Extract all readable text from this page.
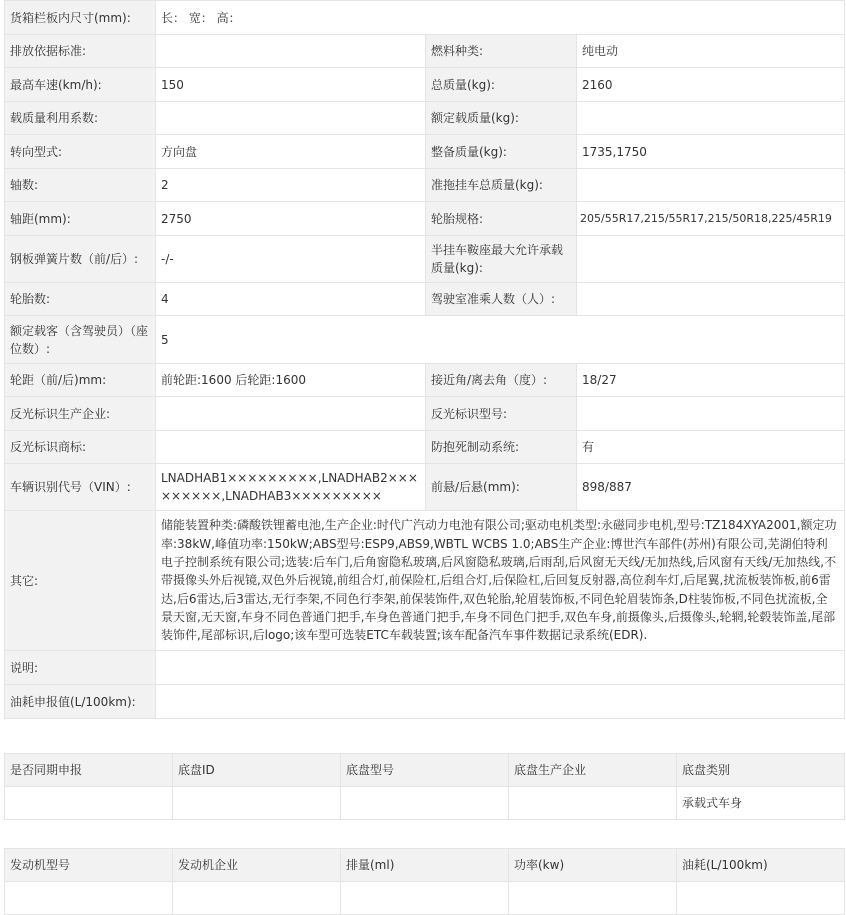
货箱栏板内尺寸(mm):	长： 宽： 高：		
排放依据标准:		燃料种类:	纯电动
最高车速(km/h):	150	总质量(kg):	2160
载质量利用系数:		额定载质量(kg):	
转向型式:	方向盘	整备质量(kg):	1735,1750
轴数:	2	准拖挂车总质量(kg):	
轴距(mm):	2750	轮胎规格:	205/55R17,215/55R17,215/50R18,225/45R19
钢板弹簧片数（前/后）:	-/-	半挂车鞍座最大允许承载质量(kg):	
轮胎数:	4	驾驶室准乘人数（人）:	
额定载客（含驾驶员）（座位数）:	5		
轮距（前/后)mm:	前轮距:1600 后轮距:1600	接近角/离去角（度）:	18/27
反光标识生产企业:		反光标识型号:	
反光标识商标:		防抱死制动系统:	有
车辆识别代号（VIN）:	LNADHAB1×××××××××,LNADHAB2×××××××××,LNADHAB3×××××××××	前悬/后悬(mm):	898/887
其它:	储能装置种类:磷酸铁锂蓄电池,生产企业:时代广汽动力电池有限公司;驱动电机类型:永磁同步电机,型号:TZ184XYA2001,额定功率:38kW,峰值功率:150kW;ABS型号:ESP9,ABS9,WBTL WCBS 1.0;ABS生产企业:博世汽车部件(苏州)有限公司,芜湖伯特利电子控制系统有限公司;选装:后车门,后角窗隐私玻璃,后风窗隐私玻璃,后雨刮,后风窗无天线/无加热线,后风窗有天线/无加热线,不带摄像头外后视镜,双色外后视镜,前组合灯,前保险杠,后组合灯,后保险杠,后回复反射器,高位刹车灯,后尾翼,扰流板装饰板,前6雷达,后6雷达,后3雷达,无行李架,不同色行李架,前保装饰件,双色轮胎,轮眉装饰板,不同色轮眉装饰条,D柱装饰板,不同色扰流板,全景天窗,无天窗,车身不同色普通门把手,车身色普通门把手,车身不同色门把手,双色车身,前摄像头,后摄像头,轮辋,轮毂装饰盖,尾部装饰件,尾部标识,后logo;该车型可选装ETC车载装置;该车配备汽车事件数据记录系统(EDR).		
说明:			
油耗申报值(L/100km):			
是否同期申报	底盘ID	底盘型号	底盘生产企业	底盘类别
				承载式车身
发动机型号	发动机企业	排量(ml)	功率(kw)	油耗(L/100km)
